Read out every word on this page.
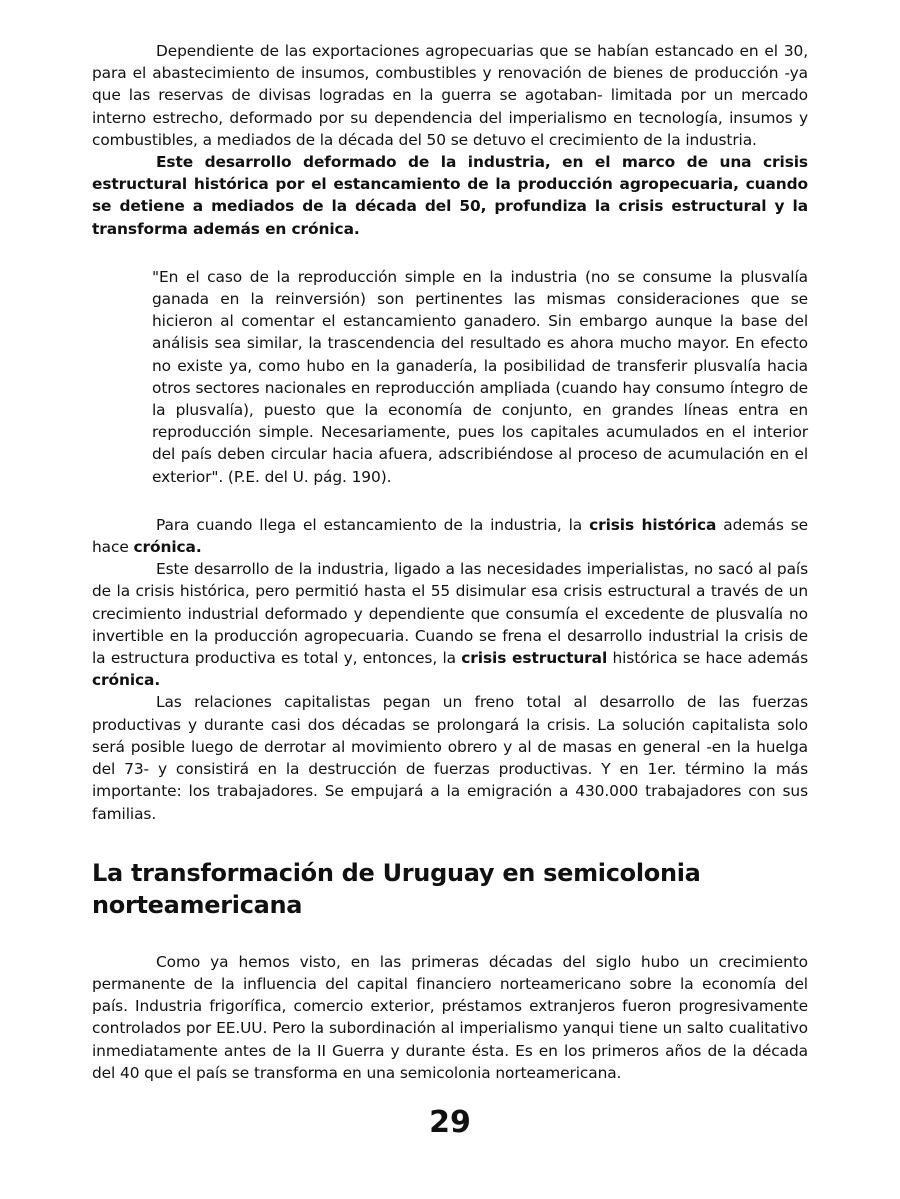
Dependiente de las exportaciones agropecuarias que se habían estancado en el 30, para el abastecimiento de insumos, combustibles y renovación de bienes de producción -ya que las reservas de divisas logradas en la guerra se agotaban- limitada por un mercado interno estrecho, deformado por su dependencia del imperialismo en tecnología, insumos y combustibles, a mediados de la década del 50 se detuvo el crecimiento de la industria.

Este desarrollo deformado de la industria, en el marco de una crisis estructural histórica por el estancamiento de la producción agropecuaria, cuando se detiene a mediados de la década del 50, profundiza la crisis estructural y la transforma además en crónica.

"En el caso de la reproducción simple en la industria (no se consume la plusvalía ganada en la reinversión) son pertinentes las mismas consideraciones que se hicieron al comentar el estancamiento ganadero. Sin embargo aunque la base del análisis sea similar, la trascendencia del resultado es ahora mucho mayor. En efecto no existe ya, como hubo en la ganadería, la posibilidad de transferir plusvalía hacia otros sectores nacionales en reproducción ampliada (cuando hay consumo íntegro de la plusvalía), puesto que la economía de conjunto, en grandes líneas entra en reproducción simple. Necesariamente, pues los capitales acumulados en el interior del país deben circular hacia afuera, adscribiéndose al proceso de acumulación en el exterior". (P.E. del U. pág. 190).

Para cuando llega el estancamiento de la industria, la crisis histórica además se hace crónica.

Este desarrollo de la industria, ligado a las necesidades imperialistas, no sacó al país de la crisis histórica, pero permitió hasta el 55 disimular esa crisis estructural a través de un crecimiento industrial deformado y dependiente que consumía el excedente de plusvalía no invertible en la producción agropecuaria. Cuando se frena el desarrollo industrial la crisis de la estructura productiva es total y, entonces, la crisis estructural histórica se hace además crónica.

Las relaciones capitalistas pegan un freno total al desarrollo de las fuerzas productivas y durante casi dos décadas se prolongará la crisis. La solución capitalista solo será posible luego de derrotar al movimiento obrero y al de masas en general -en la huelga del 73- y consistirá en la destrucción de fuerzas productivas. Y en 1er. término la más importante: los trabajadores. Se empujará a la emigración a 430.000 trabajadores con sus familias.

La transformación de Uruguay en semicolonia norteamericana

Como ya hemos visto, en las primeras décadas del siglo hubo un crecimiento permanente de la influencia del capital financiero norteamericano sobre la economía del país. Industria frigorífica, comercio exterior, préstamos extranjeros fueron progresivamente controlados por EE.UU. Pero la subordinación al imperialismo yanqui tiene un salto cualitativo inmediatamente antes de la II Guerra y durante ésta. Es en los primeros años de la década del 40 que el país se transforma en una semicolonia norteamericana.

29
